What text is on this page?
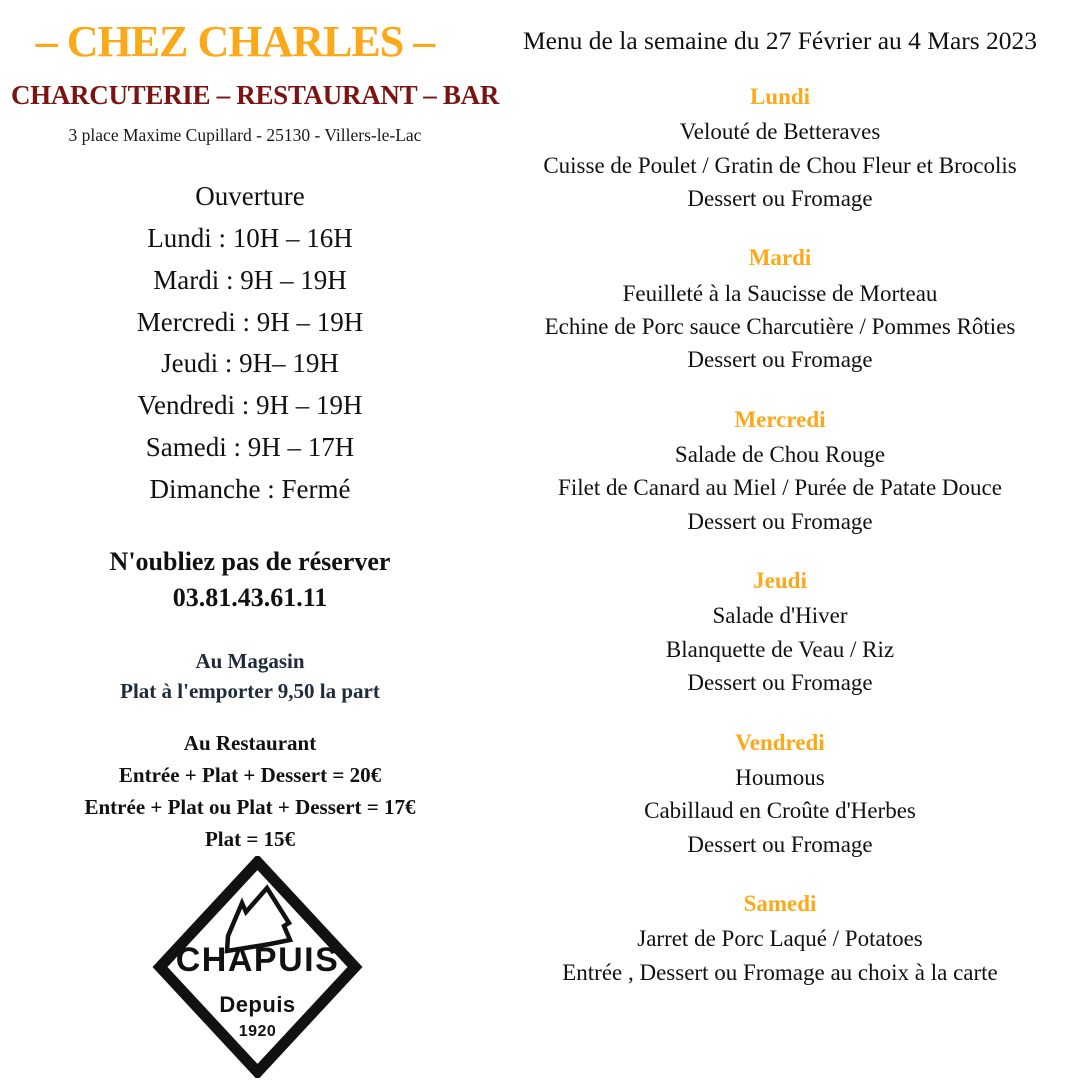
– CHEZ CHARLES –
CHARCUTERIE – RESTAURANT – BAR
3 place Maxime Cupillard - 25130 - Villers-le-Lac
Ouverture
Lundi : 10H – 16H
Mardi : 9H – 19H
Mercredi : 9H – 19H
Jeudi : 9H– 19H
Vendredi : 9H – 19H
Samedi : 9H – 17H
Dimanche : Fermé
N'oubliez pas de réserver
03.81.43.61.11
Au Magasin
Plat à l'emporter 9,50 la part
Au Restaurant
Entrée + Plat + Dessert = 20€
Entrée + Plat ou Plat + Dessert = 17€
Plat = 15€
CHAPUIS
Depuis
1920
Menu de la semaine du 27 Février au 4 Mars 2023
Lundi
Velouté de Betteraves
Cuisse de Poulet / Gratin de Chou Fleur et Brocolis
Dessert ou Fromage
Mardi
Feuilleté à la Saucisse de Morteau
Echine de Porc sauce Charcutière / Pommes Rôties
Dessert ou Fromage
Mercredi
Salade de Chou Rouge
Filet de Canard au Miel / Purée de Patate Douce
Dessert ou Fromage
Jeudi
Salade d'Hiver
Blanquette de Veau / Riz
Dessert ou Fromage
Vendredi
Houmous
Cabillaud en Croûte d'Herbes
Dessert ou Fromage
Samedi
Jarret de Porc Laqué / Potatoes
Entrée , Dessert ou Fromage au choix à la carte
